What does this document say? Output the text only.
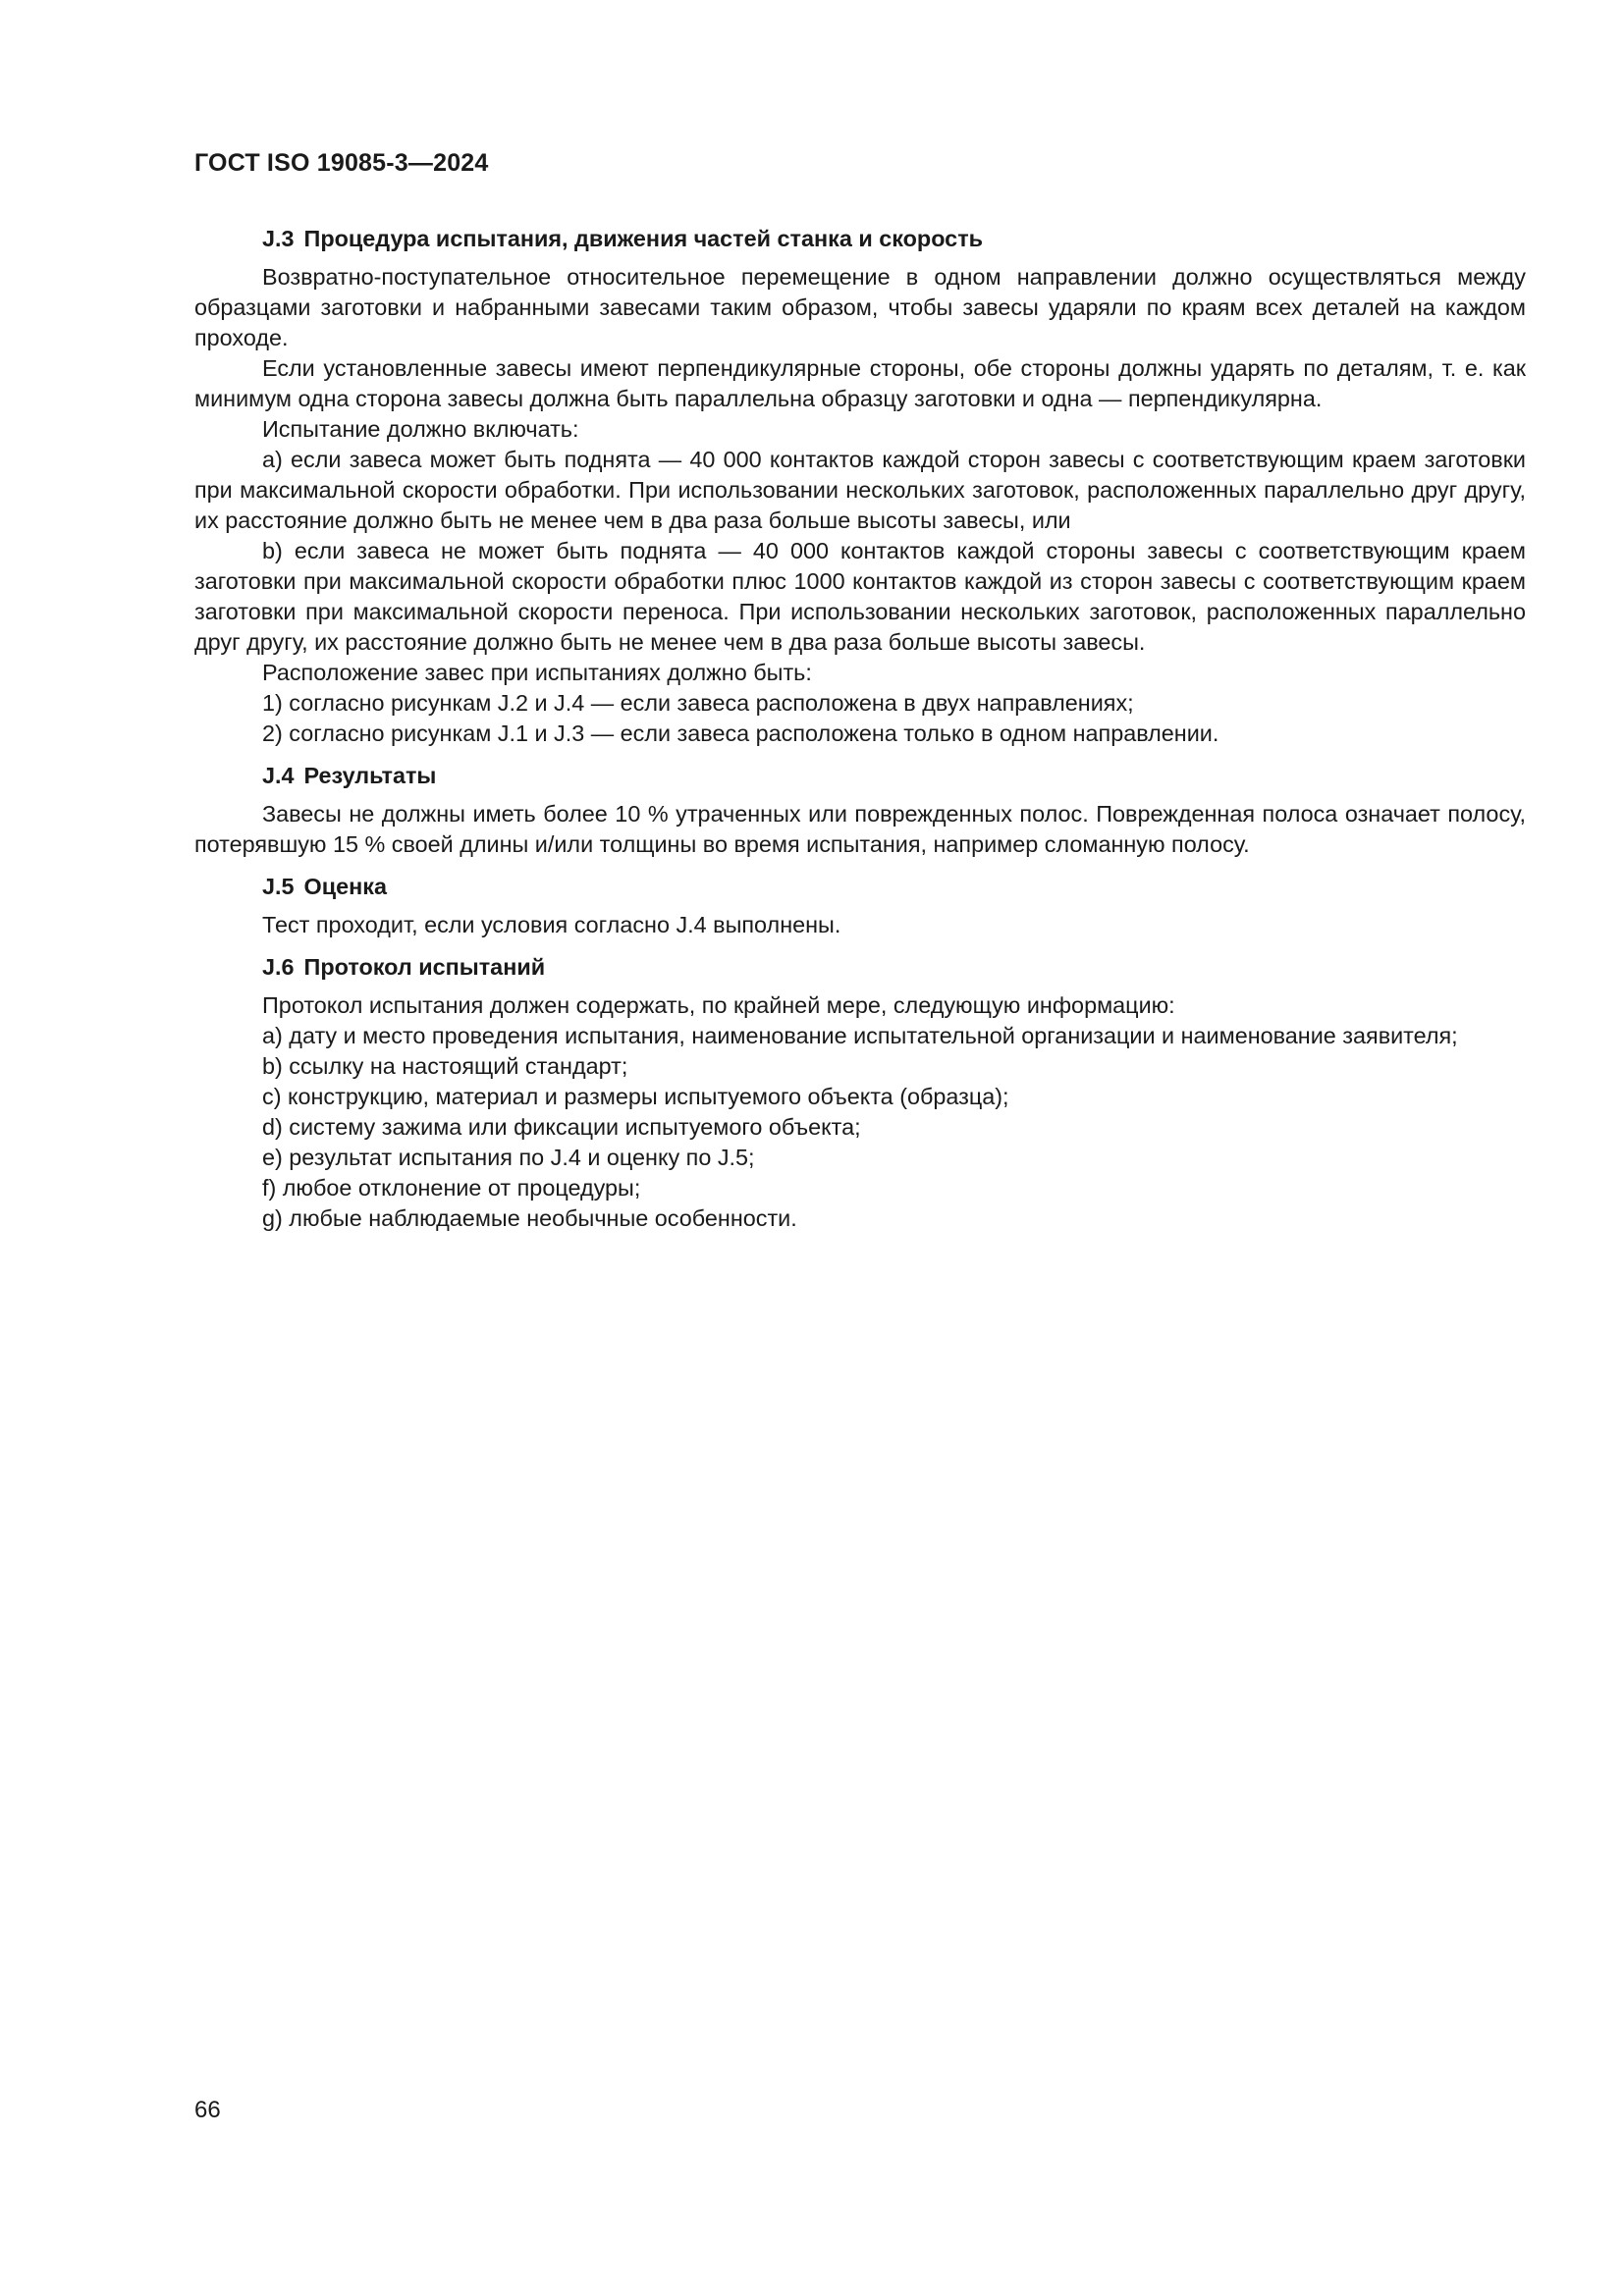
ГОСТ ISO 19085-3—2024

J.3 Процедура испытания, движения частей станка и скорость

Возвратно-поступательное относительное перемещение в одном направлении должно осуществляться между образцами заготовки и набранными завесами таким образом, чтобы завесы ударяли по краям всех деталей на каждом проходе.

Если установленные завесы имеют перпендикулярные стороны, обе стороны должны ударять по деталям, т. е. как минимум одна сторона завесы должна быть параллельна образцу заготовки и одна — перпендикулярна.

Испытание должно включать:

а) если завеса может быть поднята — 40 000 контактов каждой сторон завесы с соответствующим краем заготовки при максимальной скорости обработки. При использовании нескольких заготовок, расположенных параллельно друг другу, их расстояние должно быть не менее чем в два раза больше высоты завесы, или

b) если завеса не может быть поднята — 40 000 контактов каждой стороны завесы с соответствующим краем заготовки при максимальной скорости обработки плюс 1000 контактов каждой из сторон завесы с соответствующим краем заготовки при максимальной скорости переноса. При использовании нескольких заготовок, расположенных параллельно друг другу, их расстояние должно быть не менее чем в два раза больше высоты завесы.

Расположение завес при испытаниях должно быть:

1) согласно рисункам J.2 и J.4 — если завеса расположена в двух направлениях;

2) согласно рисункам J.1 и J.3 — если завеса расположена только в одном направлении.

J.4 Результаты

Завесы не должны иметь более 10 % утраченных или поврежденных полос. Поврежденная полоса означает полосу, потерявшую 15 % своей длины и/или толщины во время испытания, например сломанную полосу.

J.5 Оценка

Тест проходит, если условия согласно J.4 выполнены.

J.6 Протокол испытаний

Протокол испытания должен содержать, по крайней мере, следующую информацию:

а) дату и место проведения испытания, наименование испытательной организации и наименование заявителя;

b) ссылку на настоящий стандарт;

c) конструкцию, материал и размеры испытуемого объекта (образца);

d) систему зажима или фиксации испытуемого объекта;

e) результат испытания по J.4 и оценку по J.5;

f) любое отклонение от процедуры;

g) любые наблюдаемые необычные особенности.

66
